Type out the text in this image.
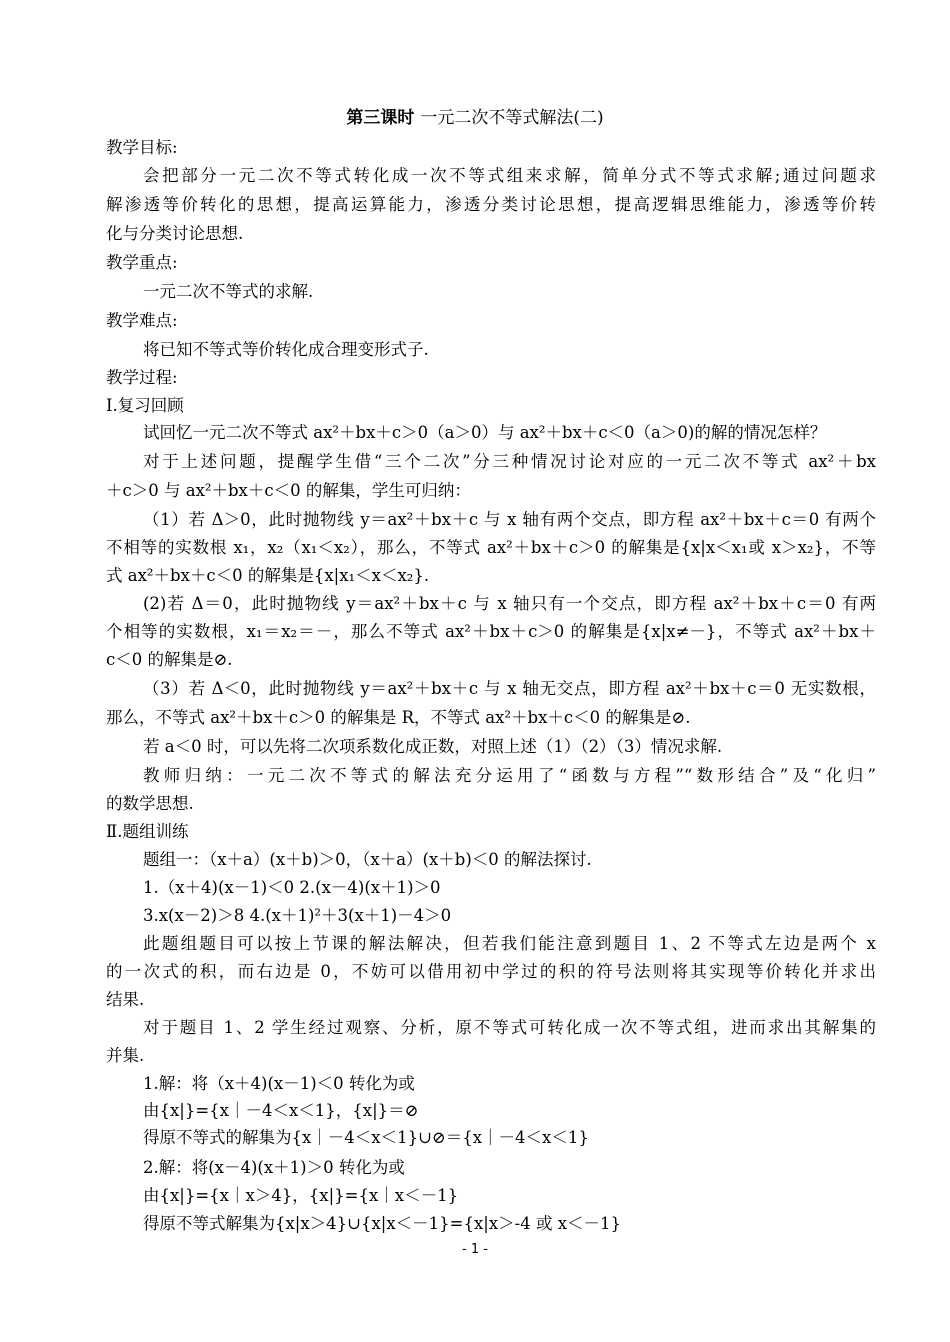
第三课时 一元二次不等式解法(二)
教学目标:
会把部分一元二次不等式转化成一次不等式组来求解，简单分式不等式求解;通过问题求
解渗透等价转化的思想，提高运算能力，渗透分类讨论思想，提高逻辑思维能力，渗透等价转
化与分类讨论思想.
教学重点:
一元二次不等式的求解.
教学难点:
将已知不等式等价转化成合理变形式子.
教学过程:
Ⅰ.复习回顾
试回忆一元二次不等式 ax²＋bx＋c＞0（a＞0）与 ax²＋bx＋c＜0（a＞0)的解的情况怎样？
对于上述问题，提醒学生借“三个二次”分三种情况讨论对应的一元二次不等式 ax²＋bx
＋c＞0 与 ax²＋bx＋c＜0 的解集，学生可归纳：
（1）若 Δ＞0，此时抛物线 y＝ax²＋bx＋c 与 x 轴有两个交点，即方程 ax²＋bx＋c＝0 有两个
不相等的实数根 x₁，x₂（x₁＜x₂），那么，不等式 ax²＋bx＋c＞0 的解集是{x|x＜x₁或 x＞x₂}，不等
式 ax²＋bx＋c＜0 的解集是{x|x₁＜x＜x₂}.
(2)若 Δ＝0，此时抛物线 y＝ax²＋bx＋c 与 x 轴只有一个交点，即方程 ax²＋bx＋c＝0 有两
个相等的实数根，x₁＝x₂＝－，那么不等式 ax²＋bx＋c＞0 的解集是{x|x≠－}，不等式 ax²＋bx＋
c＜0 的解集是⊘.
（3）若 Δ＜0，此时抛物线 y＝ax²＋bx＋c 与 x 轴无交点，即方程 ax²＋bx＋c＝0 无实数根，
那么，不等式 ax²＋bx＋c＞0 的解集是 R，不等式 ax²＋bx＋c＜0 的解集是⊘.
若 a＜0 时，可以先将二次项系数化成正数，对照上述（1）（2）（3）情况求解.
教师归纳：一元二次不等式的解法充分运用了“函数与方程”“数形结合”及“化归”
的数学思想.
Ⅱ.题组训练
题组一：（x＋a）(x＋b)＞0，（x＋a）(x＋b)＜0 的解法探讨.
1.（x＋4)(x－1)＜0 2.(x－4)(x＋1)＞0
3.x(x－2)＞8 4.(x＋1)²＋3(x＋1)－4＞0
此题组题目可以按上节课的解法解决，但若我们能注意到题目 1、2 不等式左边是两个 x
的一次式的积，而右边是 0，不妨可以借用初中学过的积的符号法则将其实现等价转化并求出
结果.
对于题目 1、2 学生经过观察、分析，原不等式可转化成一次不等式组，进而求出其解集的
并集.
1.解：将（x＋4)(x－1)＜0 转化为或
由{x|}={x｜－4＜x＜1}，{x|}＝⊘
得原不等式的解集为{x｜－4＜x＜1}∪⊘＝{x｜－4＜x＜1}
2.解：将(x－4)(x＋1)＞0 转化为或
由{x|}={x｜x＞4}，{x|}={x｜x＜－1}
得原不等式解集为{x|x＞4}∪{x|x＜－1}={x|x＞-4 或 x＜－1}
- 1 -
